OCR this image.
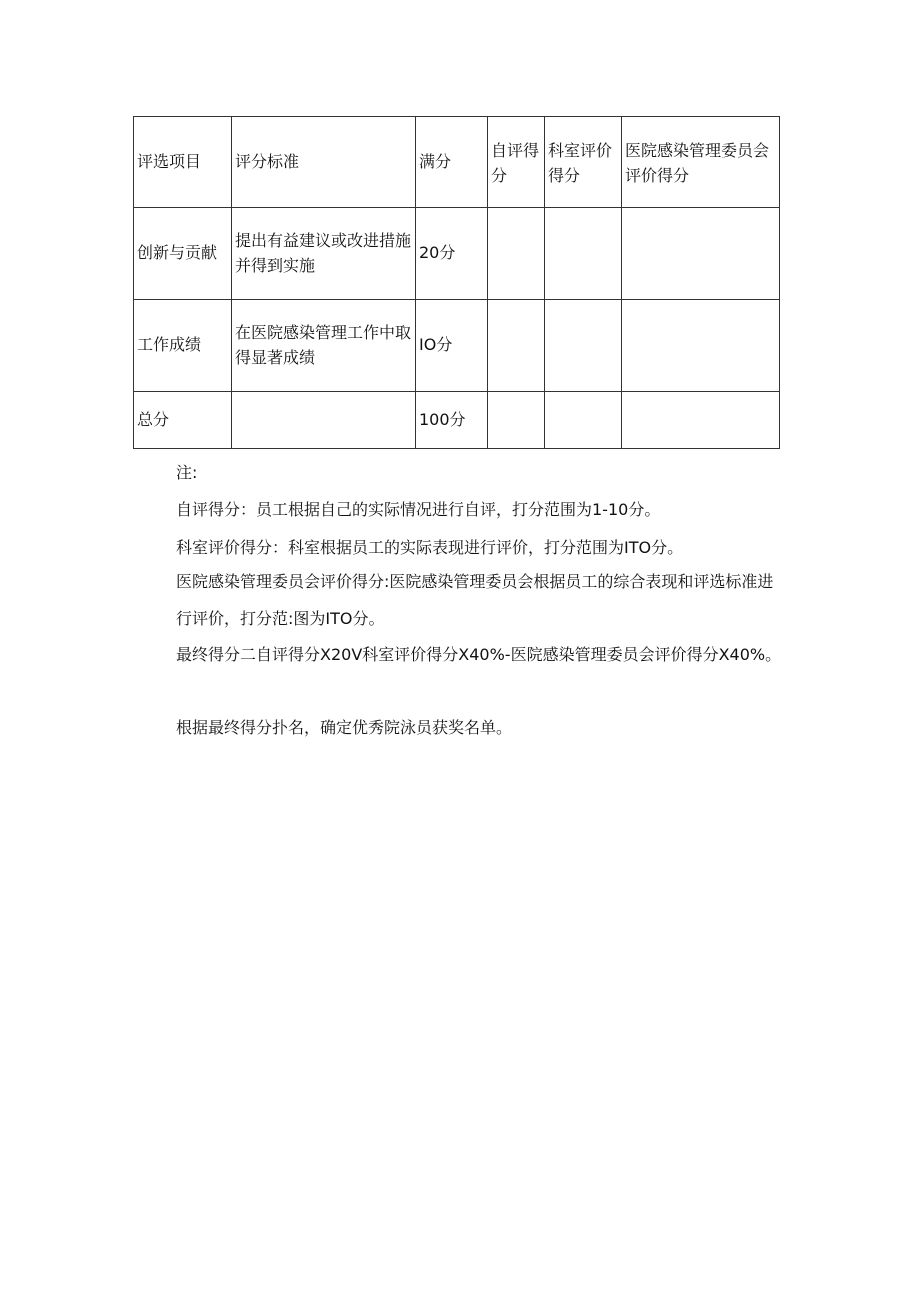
评选项目	评分标准	满分	自评得分	科室评价得分	医院感染管理委员会评价得分
创新与贡献	提出有益建议或改进措施并得到实施	20分			
工作成绩	在医院感染管理工作中取得显著成绩	IO分			
总分		100分			

注:

自评得分：员工根据自己的实际情况进行自评，打分范围为1-10分。

科室评价得分：科室根据员工的实际表现进行评价，打分范围为ITO分。

医院感染管理委员会评价得分:医院感染管理委员会根据员工的综合表现和评选标准进行评价，打分范:图为ITO分。

最终得分二自评得分X20V科室评价得分X40%-医院感染管理委员会评价得分X40%。

根据最终得分扑名，确定优秀院泳员获奖名单。
